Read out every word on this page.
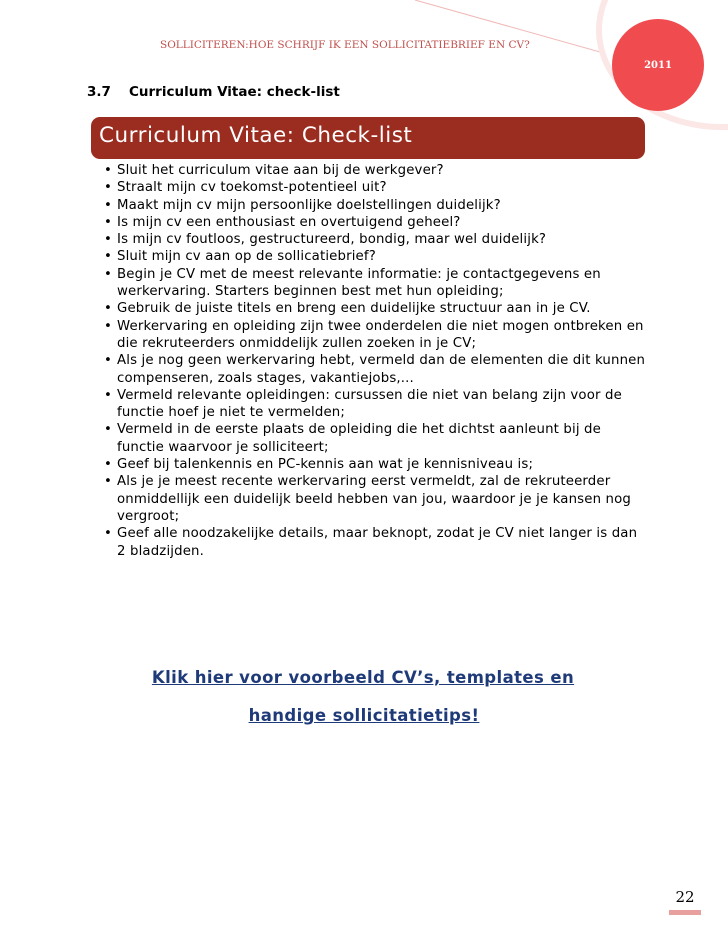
SOLLICITEREN:HOE SCHRIJF IK EEN SOLLICITATIEBRIEF EN CV?
2011
3.7 Curriculum Vitae: check-list
Curriculum Vitae: Check-list
• Sluit het curriculum vitae aan bij de werkgever?
• Straalt mijn cv toekomst-potentieel uit?
• Maakt mijn cv mijn persoonlijke doelstellingen duidelijk?
• Is mijn cv een enthousiast en overtuigend geheel?
• Is mijn cv foutloos, gestructureerd, bondig, maar wel duidelijk?
• Sluit mijn cv aan op de sollicatiebrief?
• Begin je CV met de meest relevante informatie: je contactgegevens en werkervaring. Starters beginnen best met hun opleiding;
• Gebruik de juiste titels en breng een duidelijke structuur aan in je CV.
• Werkervaring en opleiding zijn twee onderdelen die niet mogen ontbreken en die rekruteerders onmiddelijk zullen zoeken in je CV;
• Als je nog geen werkervaring hebt, vermeld dan de elementen die dit kunnen compenseren, zoals stages, vakantiejobs,...
• Vermeld relevante opleidingen: cursussen die niet van belang zijn voor de functie hoef je niet te vermelden;
• Vermeld in de eerste plaats de opleiding die het dichtst aanleunt bij de functie waarvoor je solliciteert;
• Geef bij talenkennis en PC-kennis aan wat je kennisniveau is;
• Als je je meest recente werkervaring eerst vermeldt, zal de rekruteerder onmiddellijk een duidelijk beeld hebben van jou, waardoor je je kansen nog vergroot;
• Geef alle noodzakelijke details, maar beknopt, zodat je CV niet langer is dan 2 bladzijden.
Klik hier voor voorbeeld CV’s, templates en
handige sollicitatietips!
22
